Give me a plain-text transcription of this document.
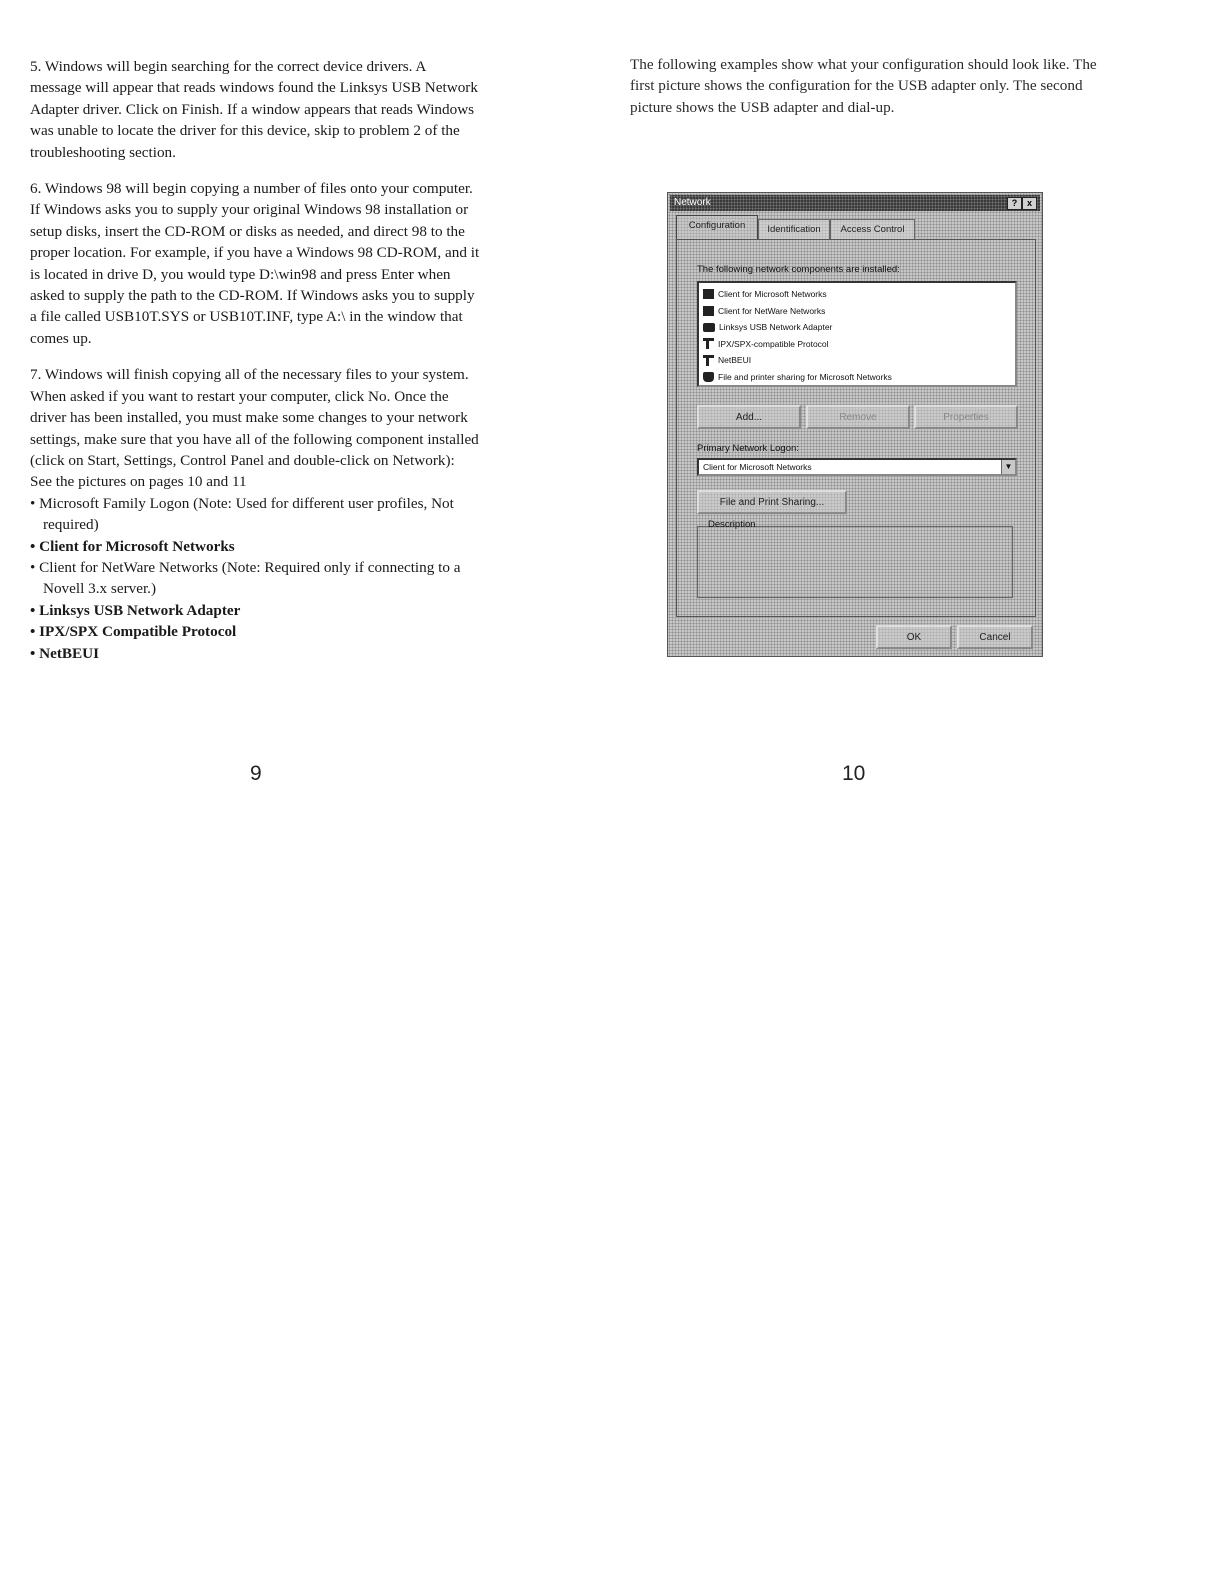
5. Windows will begin searching for the correct device drivers. A message will appear that reads windows found the Linksys USB Network Adapter driver. Click on Finish. If a window appears that reads Windows was unable to locate the driver for this device, skip to problem 2 of the troubleshooting section.

6. Windows 98 will begin copying a number of files onto your computer. If Windows asks you to supply your original Windows 98 installation or setup disks, insert the CD-ROM or disks as needed, and direct 98 to the proper location. For example, if you have a Windows 98 CD-ROM, and it is located in drive D, you would type D:\win98 and press Enter when asked to supply the path to the CD-ROM. If Windows asks you to supply a file called USB10T.SYS or USB10T.INF, type A:\ in the window that comes up.

7. Windows will finish copying all of the necessary files to your system. When asked if you want to restart your computer, click No. Once the driver has been installed, you must make some changes to your network settings, make sure that you have all of the following component installed (click on Start, Settings, Control Panel and double-click on Network): See the pictures on pages 10 and 11

• Microsoft Family Logon (Note: Used for different user profiles, Not required)
• Client for Microsoft Networks
• Client for NetWare Networks (Note: Required only if connecting to a Novell 3.x server.)
• Linksys USB Network Adapter
• IPX/SPX Compatible Protocol
• NetBEUI
9

The following examples show what your configuration should look like. The first picture shows the configuration for the USB adapter only. The second picture shows the USB adapter and dial-up.

Network	?	x
Configuration	Identification	Access Control
The following network components are installed:
Client for Microsoft Networks
Client for NetWare Networks
Linksys USB Network Adapter
IPX/SPX-compatible Protocol
NetBEUI
File and printer sharing for Microsoft Networks
Add...	Remove	Properties
Primary Network Logon:
Client for Microsoft Networks	▼
File and Print Sharing...
Description
OK	Cancel
10
